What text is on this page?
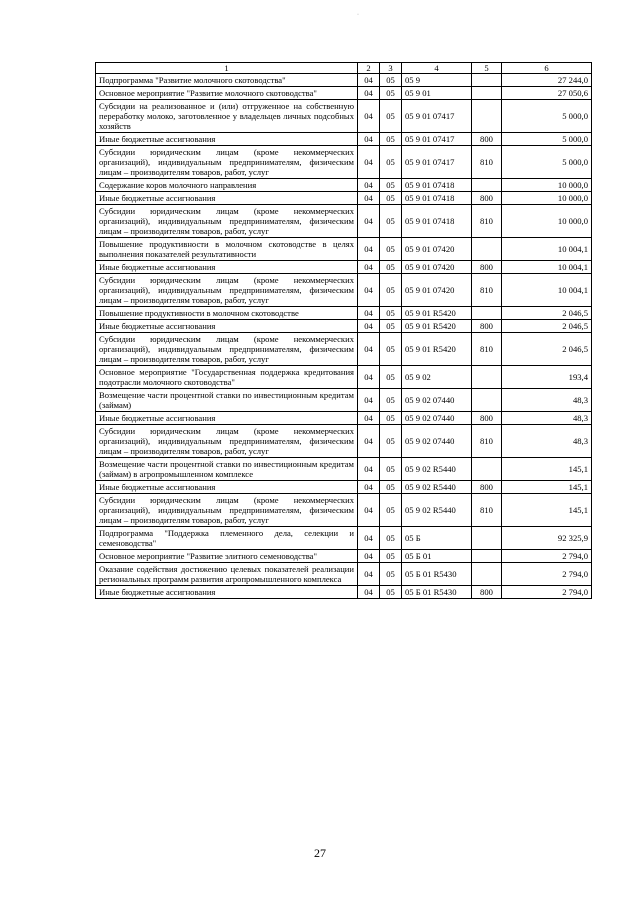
·
1	2	3	4	5	6
Подпрограмма "Развитие молочного скотоводства"	04	05	05 9		27 244,0
Основное мероприятие "Развитие молочного скотоводства"	04	05	05 9 01		27 050,6
Субсидии на реализованное и (или) отгруженное на собственную переработку молоко, заготовленное у владельцев личных подсобных хозяйств	04	05	05 9 01 07417		5 000,0
Иные бюджетные ассигнования	04	05	05 9 01 07417	800	5 000,0
Субсидии юридическим лицам (кроме некоммерческих организаций), индивидуальным предпринимателям, физическим лицам – производителям товаров, работ, услуг	04	05	05 9 01 07417	810	5 000,0
Содержание коров молочного направления	04	05	05 9 01 07418		10 000,0
Иные бюджетные ассигнования	04	05	05 9 01 07418	800	10 000,0
Субсидии юридическим лицам (кроме некоммерческих организаций), индивидуальным предпринимателям, физическим лицам – производителям товаров, работ, услуг	04	05	05 9 01 07418	810	10 000,0
Повышение продуктивности в молочном скотоводстве в целях выполнения показателей результативности	04	05	05 9 01 07420		10 004,1
Иные бюджетные ассигнования	04	05	05 9 01 07420	800	10 004,1
Субсидии юридическим лицам (кроме некоммерческих организаций), индивидуальным предпринимателям, физическим лицам – производителям товаров, работ, услуг	04	05	05 9 01 07420	810	10 004,1
Повышение продуктивности в молочном скотоводстве	04	05	05 9 01 R5420		2 046,5
Иные бюджетные ассигнования	04	05	05 9 01 R5420	800	2 046,5
Субсидии юридическим лицам (кроме некоммерческих организаций), индивидуальным предпринимателям, физическим лицам – производителям товаров, работ, услуг	04	05	05 9 01 R5420	810	2 046,5
Основное мероприятие "Государственная поддержка кредитования подотрасли молочного скотоводства"	04	05	05 9 02		193,4
Возмещение части процентной ставки по инвестиционным кредитам (займам)	04	05	05 9 02 07440		48,3
Иные бюджетные ассигнования	04	05	05 9 02 07440	800	48,3
Субсидии юридическим лицам (кроме некоммерческих организаций), индивидуальным предпринимателям, физическим лицам – производителям товаров, работ, услуг	04	05	05 9 02 07440	810	48,3
Возмещение части процентной ставки по инвестиционным кредитам (займам) в агропромышленном комплексе	04	05	05 9 02 R5440		145,1
Иные бюджетные ассигнования	04	05	05 9 02 R5440	800	145,1
Субсидии юридическим лицам (кроме некоммерческих организаций), индивидуальным предпринимателям, физическим лицам – производителям товаров, работ, услуг	04	05	05 9 02 R5440	810	145,1
Подпрограмма "Поддержка племенного дела, селекции и семеноводства"	04	05	05 Б		92 325,9
Основное мероприятие "Развитие элитного семеноводства"	04	05	05 Б 01		2 794,0
Оказание содействия достижению целевых показателей реализации региональных программ развития агропромышленного комплекса	04	05	05 Б 01 R5430		2 794,0
Иные бюджетные ассигнования	04	05	05 Б 01 R5430	800	2 794,0
27
